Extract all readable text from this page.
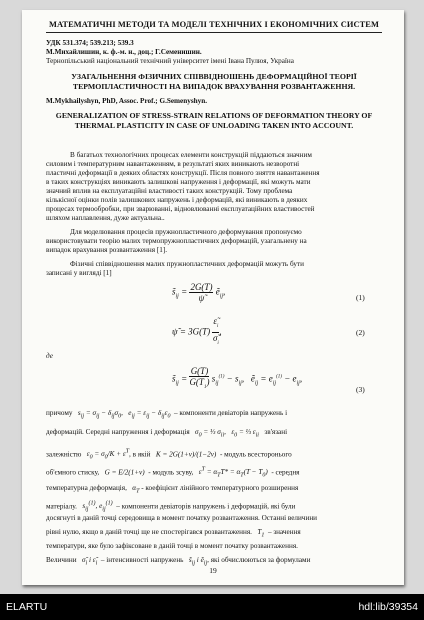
МАТЕМАТИЧНІ МЕТОДИ ТА МОДЕЛІ ТЕХНІЧНИХ І ЕКОНОМІЧНИХ СИСТЕМ
УДК 531.374; 539.213; 539.3
М.Михайлишин, к. ф.-м. н., доц.; Г.Семенишин.
Тернопільський національний технічний університет імені Івана Пулюя, Україна
УЗАГАЛЬНЕННЯ ФІЗИЧНИХ СПІВВІДНОШЕНЬ ДЕФОРМАЦІЙНОЇ ТЕОРІЇ ТЕРМОПЛАСТИЧНОСТІ НА ВИПАДОК ВРАХУВАННЯ РОЗВАНТАЖЕННЯ.
M.Mykhailyshyn, PhD, Assoc. Prof.; G.Semenyshyn.
GENERALIZATION OF STRESS-STRAIN RELATIONS OF DEFORMATION THEORY OF THERMAL PLASTICITY IN CASE OF UNLOADING TAKEN INTO ACCOUNT.
В багатьох технологічних процесах елементи конструкцій піддаються значним
силовим і температурним навантаженням, в результаті яких виникають незворотні
пластичні деформації в деяких областях конструкції. Після повного зняття навантаження
в таких конструкціях виникають залишкові напруження і деформації, які можуть мати
значний вплив на експлуатаційні властивості таких конструкцій. Тому проблема
кількісної оцінки полів залишкових напружень і деформацій, які виникають в деяких
процесах термообробки, при зварюванні, відновлюванні експлуатаційних властивостей
шляхом наплавлення, дуже актуальна..
Для моделювання процесів пружнопластичного деформування пропонуємо
використовувати теорію малих термопружнопластичних деформацій, узагальнену на
випадок врахування розвантаження [1].
Фізичні співвідношення малих пружнопластичних деформацій можуть бути
записані у вигляді [1]
$s̃_{ij} = \frac{2G(T)}{\psĩ}$ ẽ$_{ij}$,
(1)
ψ̃ = $3G(T) \frac{\varepsiloñ_i}{\sigmã_i}$ ,	(2)
де
$s̃_{ij} = \frac{G(T)}{G(T_1)} s_{ij}^{(1)} - s_{ij}$,   ẽ$_{ij}$ = $e_{ij}^{(1)} - e_{ij}$,
(3)
причому   $s_{ij} = \sigma_{ij} - \delta_{ij}\sigma_0$,   $e_{ij} = \varepsilon_{ij} - \delta_{ij}\varepsilon_0$ – компоненти девіаторів напружень і
деформацій. Середні напруження і деформація   $\sigma_0$ = ⅓ $\sigma_{ii}$,   $\varepsilon_0$ = ⅓ $\varepsilon_{ii}$ зв'язані
залежністю   $\varepsilon_0 = \sigma_0/K + \varepsilon^T$, в якій   K = 2G(1+ν)/(1−2ν) - модуль всесторонього
об'ємного стиску,   G = E/2(1+ν) - модуль зсуву,   $\varepsilon^T = \alpha_TT* = \alpha_T(T - T_0)$ - середня
температурна деформація,   $\alpha_T$ - коефіцієнт лінійного температурного розширення
матеріалу.   $s_{ij}^{(1)}$, $e_{ij}^{(1)}$ – компоненти девіаторів напружень і деформацій, які були
досягнуті в даній точці середовища в момент початку розвантаження. Останні величини
рівні нулю, якщо в даній точці ще не спостерігався розвантаження.   $T_1$ – значення
температури, яке було зафіксоване в даній точці в момент початку розвантаження.
Величини   $\sigmã_i$ і $\varepsiloñ_i$ – інтенсивності напружень   $s̃_{ij}$ і ẽ$_{ij}$, які обчислюються за формулами
19
ELARTU	hdl:lib/39354
